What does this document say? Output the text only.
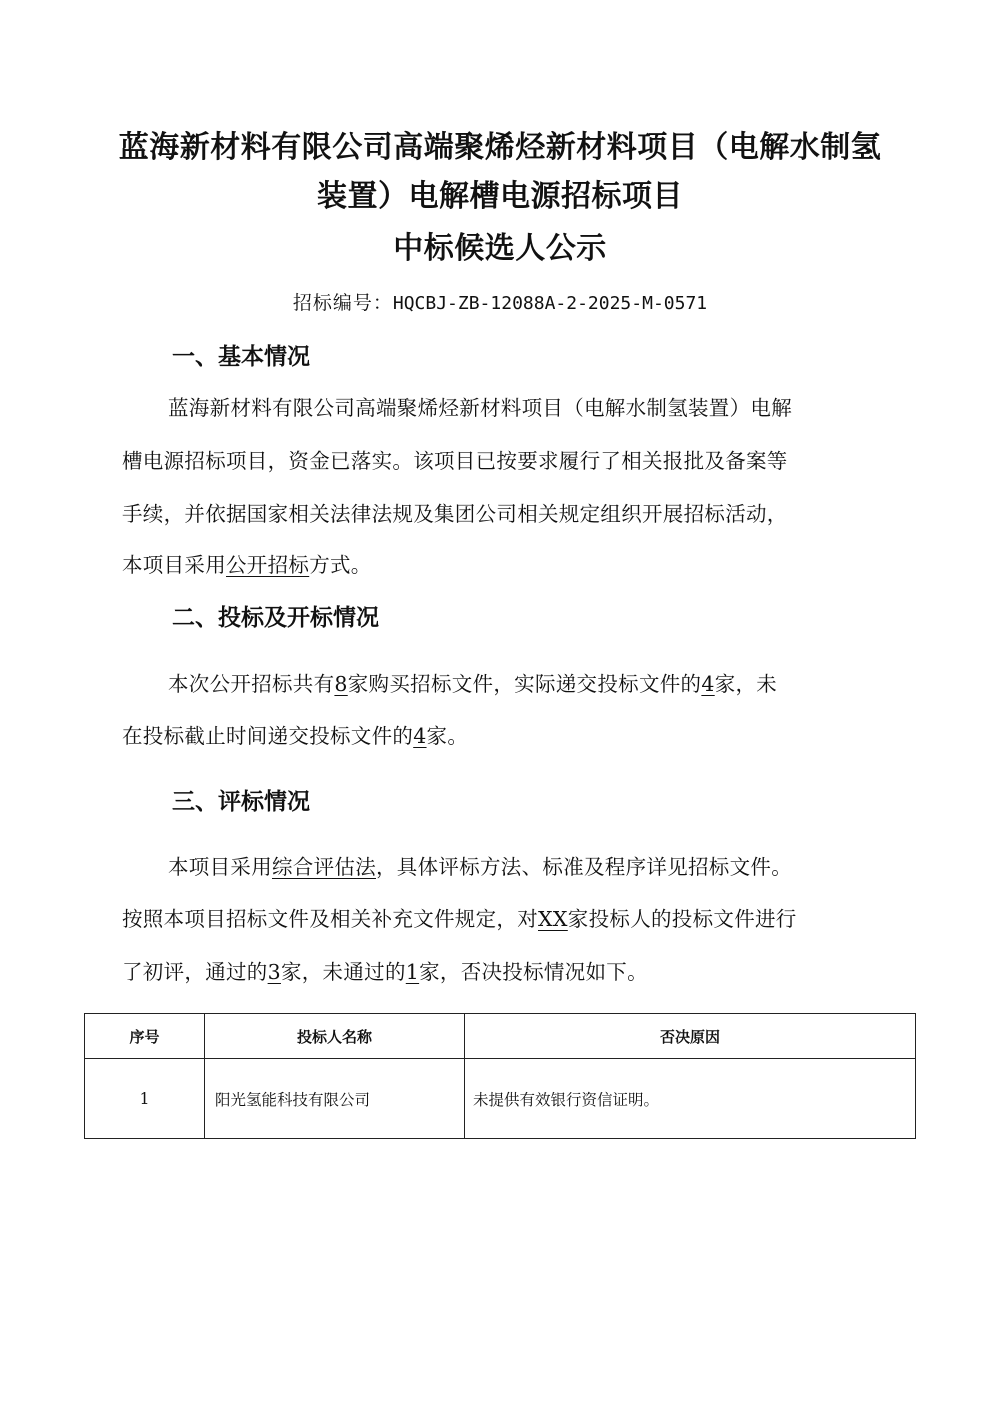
蓝海新材料有限公司高端聚烯烃新材料项目（电解水制氢
装置）电解槽电源招标项目
中标候选人公示
招标编号：HQCBJ-ZB-12088A-2-2025-M-0571
一、基本情况
蓝海新材料有限公司高端聚烯烃新材料项目（电解水制氢装置）电解
槽电源招标项目，资金已落实。该项目已按要求履行了相关报批及备案等
手续，并依据国家相关法律法规及集团公司相关规定组织开展招标活动，
本项目采用公开招标方式。
二、投标及开标情况
本次公开招标共有8家购买招标文件，实际递交投标文件的4家，未
在投标截止时间递交投标文件的4家。
三、评标情况
本项目采用综合评估法，具体评标方法、标准及程序详见招标文件。
按照本项目招标文件及相关补充文件规定，对XX家投标人的投标文件进行
了初评，通过的3家，未通过的1家，否决投标情况如下。
序号	投标人名称	否决原因
1	阳光氢能科技有限公司	未提供有效银行资信证明。
